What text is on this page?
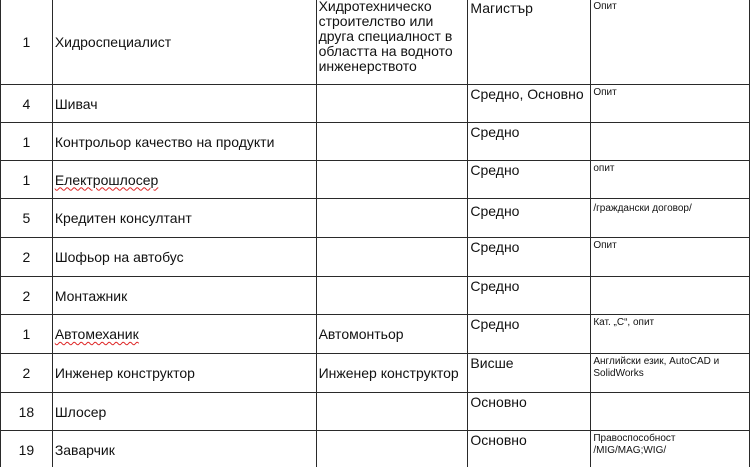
1	Хидроспециалист	Хидротехническо строителство или друга специалност в областта на водното инженерството	Магистър	Опит
4	Шивач		Средно, Основно	Опит
1	Контрольор качество на продукти		Средно	
1	Електрошлосер		Средно	опит
5	Кредитен консултант		Средно	/граждански договор/
2	Шофьор на автобус		Средно	Опит
2	Монтажник		Средно	
1	Автомеханик	Автомонтьор	Средно	Кат. „С“, опит
2	Инженер конструктор	Инженер конструктор	Висше	Английски език, AutoCAD и SolidWorks
18	Шлосер		Основно	
19	Заварчик		Основно	Правоспособност /MIG/MAG;WIG/
